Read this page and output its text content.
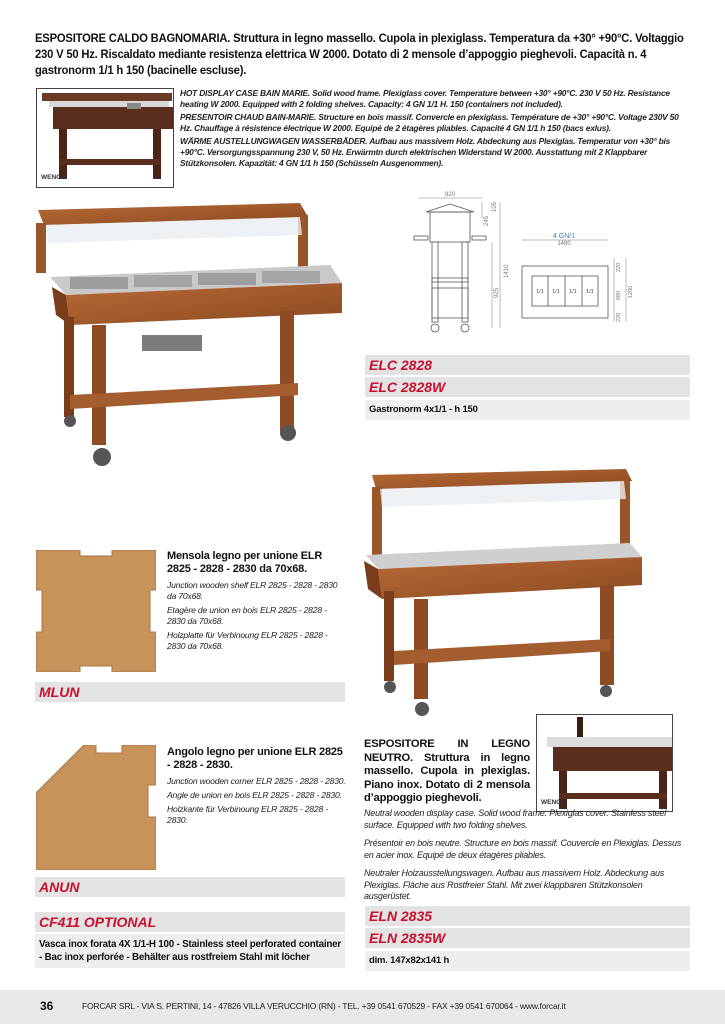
ESPOSITORE CALDO BAGNOMARIA. Struttura in legno massello. Cupola in plexiglass. Temperatura da +30° +90°C. Voltaggio 230 V 50 Hz. Riscaldato mediante resistenza elettrica W 2000. Dotato di 2 mensole d’appoggio pieghevoli. Capacità n. 4 gastronorm 1/1 h 150 (bacinelle escluse).
WENGÉ

HOT DISPLAY CASE BAIN MARIE. Solid wood frame. Plexiglass cover. Temperature between +30° +90°C. 230 V 50 Hz. Resistance heating W 2000. Equipped with 2 folding shelves. Capacity: 4 GN 1/1 H. 150 (containers not included).

PRESENTOIR CHAUD BAIN-MARIE. Structure en bois massif. Convercle en plexiglass. Température de +30° +90°C. Voltage 230V 50 Hz. Chauffage à résistence électrique W 2000. Equipé de 2 étagères pliables. Capacité 4 GN 1/1 h 150 (bacs exlus).

WÄRME AUSTELLUNGWAGEN WASSERBÄDER. Aufbau aus massivem Holz. Abdeckung aus Plexiglas. Temperatur von +30° bis +90°C. Versorgungsspannung 230 V, 50 Hz. Erwärmtn durch elektrischen Widerstand W 2000. Ausstattung mit 2 Klappbarer Stützkonsolen. Kapazität: 4 GN 1/1 h 150 (Schüsseln Ausgenommen).

820
245
105
1410
925
4 GN/1
1480
1/1 1/1 1/1 1/1
220
680 1200
220
ELC 2828
ELC 2828W
Gastronorm 4x1/1 - h 150
Mensola legno per unione ELR 2825 - 2828 - 2830 da 70x68.
Junction wooden shelf ELR 2825 - 2828 - 2830 da 70x68.
Etagère de union en bois ELR 2825 - 2828 - 2830 da 70x68.
Holzplatte für Verbinoung ELR 2825 - 2828 - 2830 da 70x68.
MLUN
Angolo legno per unione ELR 2825 - 2828 - 2830.
Junction wooden corner ELR 2825 - 2828 - 2830.
Angle de union en bois ELR 2825 - 2828 - 2830.
Holzkante für Verbinoung ELR 2825 - 2828 - 2830.
ANUN
CF411 OPTIONAL
Vasca inox forata 4X 1/1-H 100 - Stainless steel perforated container - Bac inox perforée - Behälter aus rostfreiem Stahl mit löcher
WENGÉ
ESPOSITORE IN LEGNO NEUTRO. Struttura in legno massello. Cupola in plexiglas. Piano inox. Dotato di 2 mensola d’appoggio pieghevoli.
Neutral wooden display case. Solid wood frame. Plexiglas cover. Stainless steel surface. Equipped with two folding shelves.
Présentoir en bois neutre. Structure en bois massif. Couvercle en Plexiglas. Dessus en acier inox. Equipé de deux étagères pliables.
Neutraler Holzausstellungswagen. Aufbau aus massivem Holz. Abdeckung aus Plexiglas. Fläche aus Rostfreier Stahl. Mit zwei klappbaren Stützkonsolen ausgerüstet.
ELN 2835
ELN 2835W
dim. 147x82x141 h
36	FORCAR SRL - VIA S. PERTINI, 14 - 47826 VILLA VERUCCHIO (RN) - TEL. +39 0541 670529 - FAX +39 0541 670064 - www.forcar.it
